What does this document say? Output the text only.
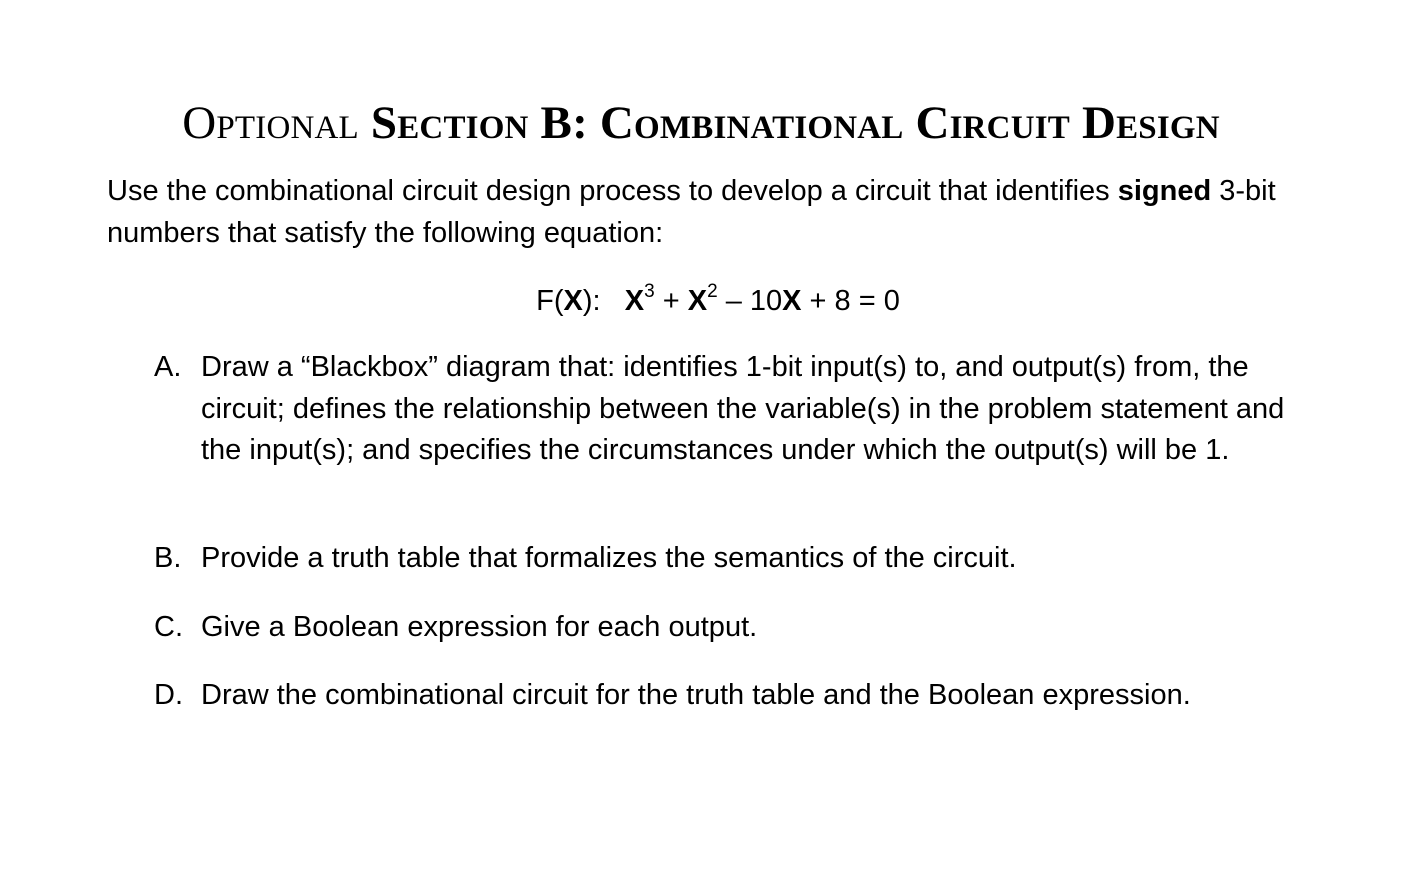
Optional Section B: Combinational Circuit Design
Use the combinational circuit design process to develop a circuit that identifies signed 3-bit numbers that satisfy the following equation:
F(X): $X^3 + X^2 - 10X + 8 = 0$
A. Draw a “Blackbox” diagram that: identifies 1-bit input(s) to, and output(s) from, the circuit; defines the relationship between the variable(s) in the problem statement and the input(s); and specifies the circumstances under which the output(s) will be 1.
B. Provide a truth table that formalizes the semantics of the circuit.
C. Give a Boolean expression for each output.
D. Draw the combinational circuit for the truth table and the Boolean expression.
